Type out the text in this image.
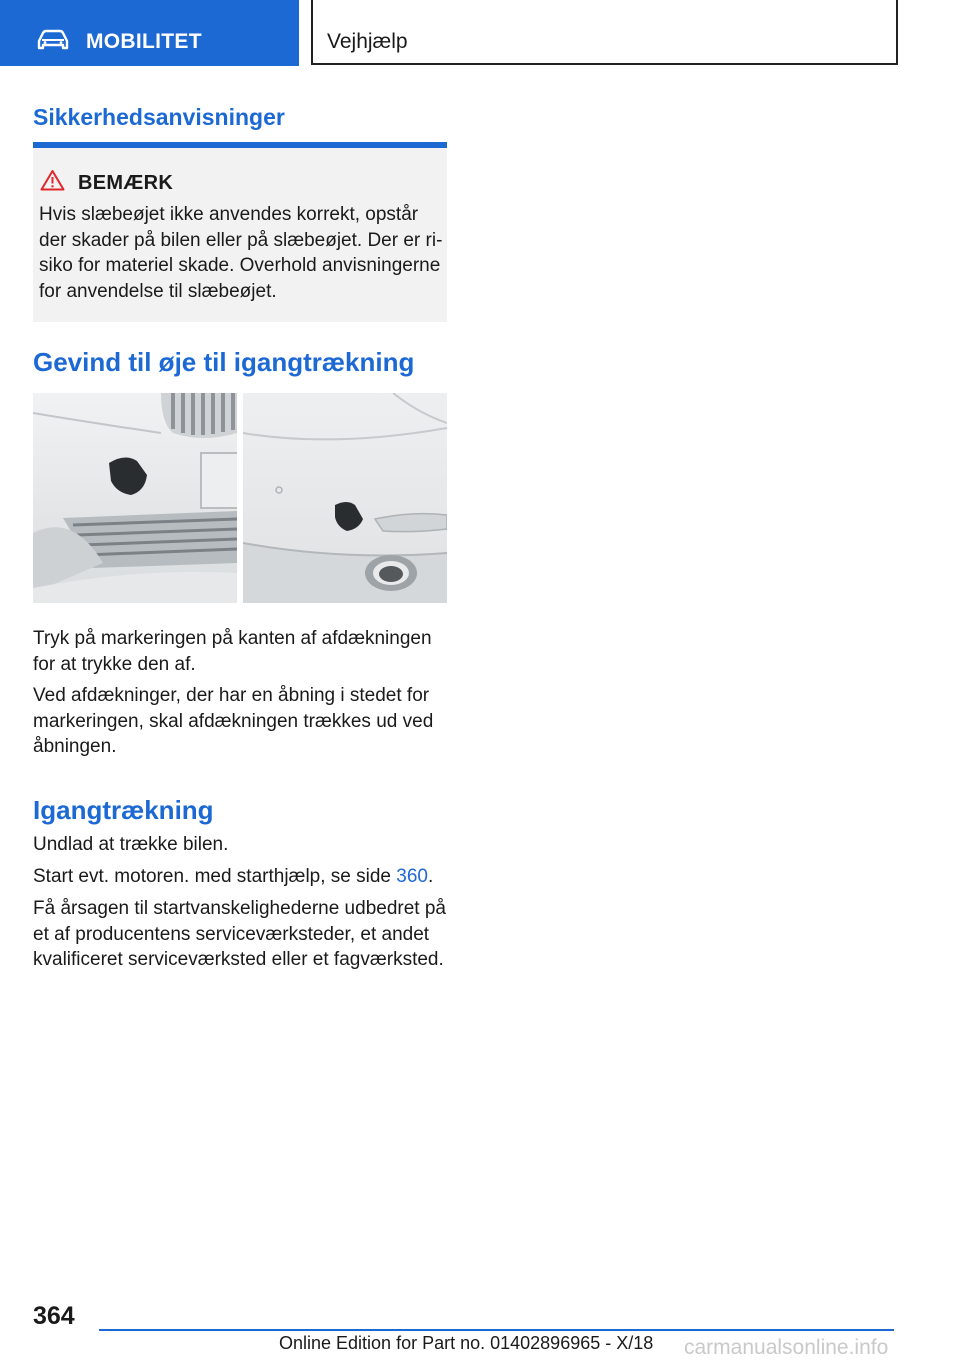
MOBILITET	Vejhjælp
Sikkerhedsanvisninger
BEMÆRK
Hvis slæbeøjet ikke anvendes korrekt, opstår
der skader på bilen eller på slæbeøjet. Der er ri-
siko for materiel skade. Overhold anvisningerne
for anvendelse til slæbeøjet.
Gevind til øje til igangtrækning
Tryk på markeringen på kanten af afdækningen
for at trykke den af.
Ved afdækninger, der har en åbning i stedet for
markeringen, skal afdækningen trækkes ud ved
åbningen.
Igangtrækning

Undlad at trække bilen.

Start evt. motoren. med starthjælp, se side 360.

Få årsagen til startvanskelighederne udbedret på
et af producentens serviceværksteder, et andet
kvalificeret serviceværksted eller et fagværksted.
364
Online Edition for Part no. 01402896965 - X/18 carmanualsonline.info
